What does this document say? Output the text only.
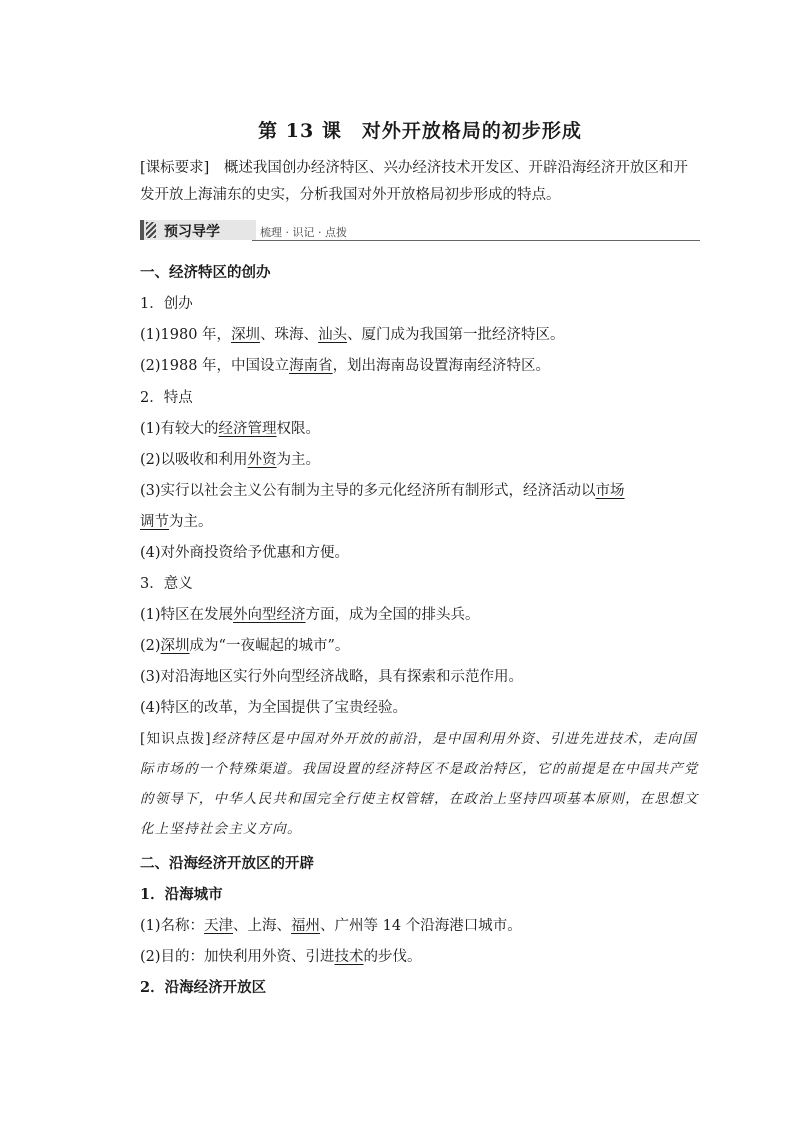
第 13 课　对外开放格局的初步形成
[课标要求]　概述我国创办经济特区、兴办经济技术开发区、开辟沿海经济开放区和开发开放上海浦东的史实，分析我国对外开放格局初步形成的特点。
预习导学	梳理 · 识记 · 点拨
一、经济特区的创办
1．创办
(1)1980 年，深圳、珠海、汕头、厦门成为我国第一批经济特区。
(2)1988 年，中国设立海南省，划出海南岛设置海南经济特区。
2．特点
(1)有较大的经济管理权限。
(2)以吸收和利用外资为主。
(3)实行以社会主义公有制为主导的多元化经济所有制形式，经济活动以市场
调节为主。
(4)对外商投资给予优惠和方便。
3．意义
(1)特区在发展外向型经济方面，成为全国的排头兵。
(2)深圳成为“一夜崛起的城市”。
(3)对沿海地区实行外向型经济战略，具有探索和示范作用。
(4)特区的改革，为全国提供了宝贵经验。
[知识点拨]经济特区是中国对外开放的前沿，是中国利用外资、引进先进技术，走向国际市场的一个特殊渠道。我国设置的经济特区不是政治特区，它的前提是在中国共产党的领导下，中华人民共和国完全行使主权管辖，在政治上坚持四项基本原则，在思想文化上坚持社会主义方向。
二、沿海经济开放区的开辟
1．沿海城市
(1)名称：天津、上海、福州、广州等 14 个沿海港口城市。
(2)目的：加快利用外资、引进技术的步伐。
2．沿海经济开放区
